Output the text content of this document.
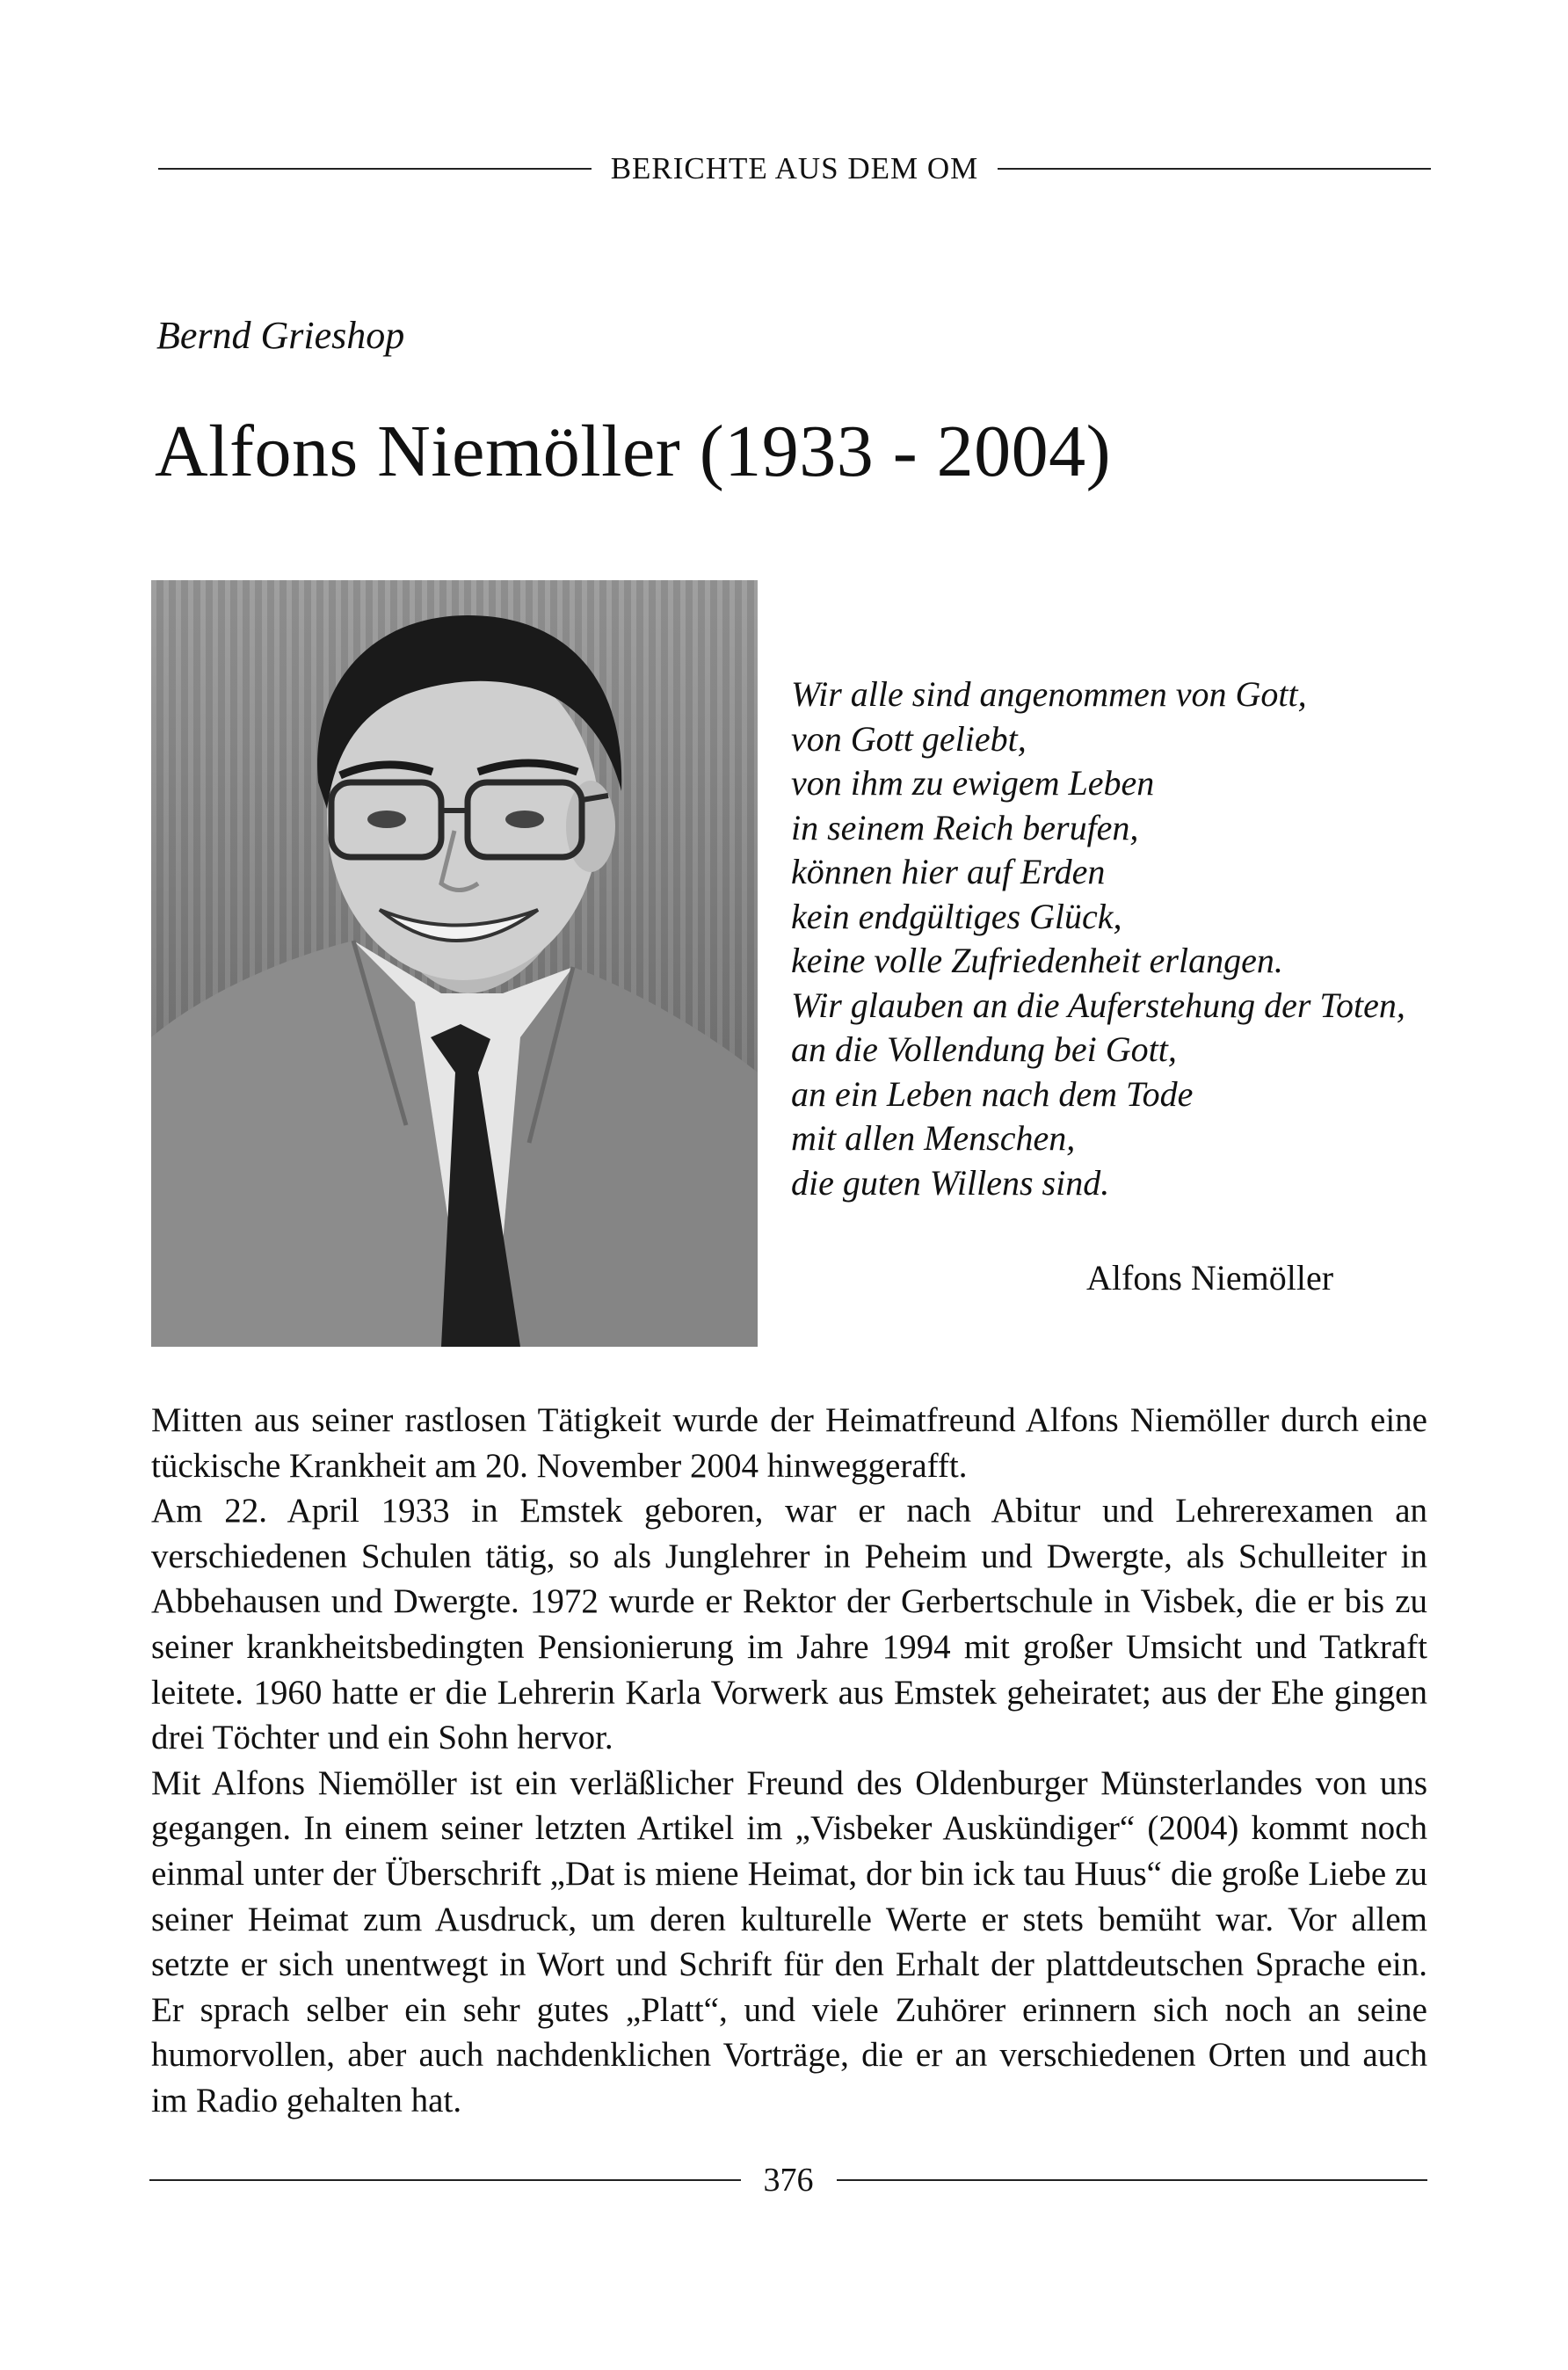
BERICHTE AUS DEM OM
Bernd Grieshop
Alfons Niemöller (1933 - 2004)
Wir alle sind angenommen von Gott,
von Gott geliebt,
von ihm zu ewigem Leben
in seinem Reich berufen,
können hier auf Erden
kein endgültiges Glück,
keine volle Zufriedenheit erlangen.
Wir glauben an die Auferstehung der Toten,
an die Vollendung bei Gott,
an ein Leben nach dem Tode
mit allen Menschen,
die guten Willens sind.
Alfons Niemöller

Mitten aus seiner rastlosen Tätigkeit wurde der Heimatfreund Alfons Niemöller durch eine tückische Krankheit am 20. November 2004 hinweggerafft.

Am 22. April 1933 in Emstek geboren, war er nach Abitur und Lehrerexamen an verschiedenen Schulen tätig, so als Junglehrer in Peheim und Dwergte, als Schulleiter in Abbehausen und Dwergte. 1972 wurde er Rektor der Gerbertschule in Visbek, die er bis zu seiner krankheitsbedingten Pensionierung im Jahre 1994 mit großer Umsicht und Tatkraft leitete. 1960 hatte er die Lehrerin Karla Vorwerk aus Emstek geheiratet; aus der Ehe gingen drei Töchter und ein Sohn hervor.

Mit Alfons Niemöller ist ein verläßlicher Freund des Oldenburger Münsterlandes von uns gegangen. In einem seiner letzten Artikel im „Visbeker Auskündiger“ (2004) kommt noch einmal unter der Überschrift „Dat is miene Heimat, dor bin ick tau Huus“ die große Liebe zu seiner Heimat zum Ausdruck, um deren kulturelle Werte er stets bemüht war. Vor allem setzte er sich unentwegt in Wort und Schrift für den Erhalt der plattdeutschen Sprache ein. Er sprach selber ein sehr gutes „Platt“, und viele Zuhörer erinnern sich noch an seine humorvollen, aber auch nachdenklichen Vorträge, die er an verschiedenen Orten und auch im Radio gehalten hat.

376
